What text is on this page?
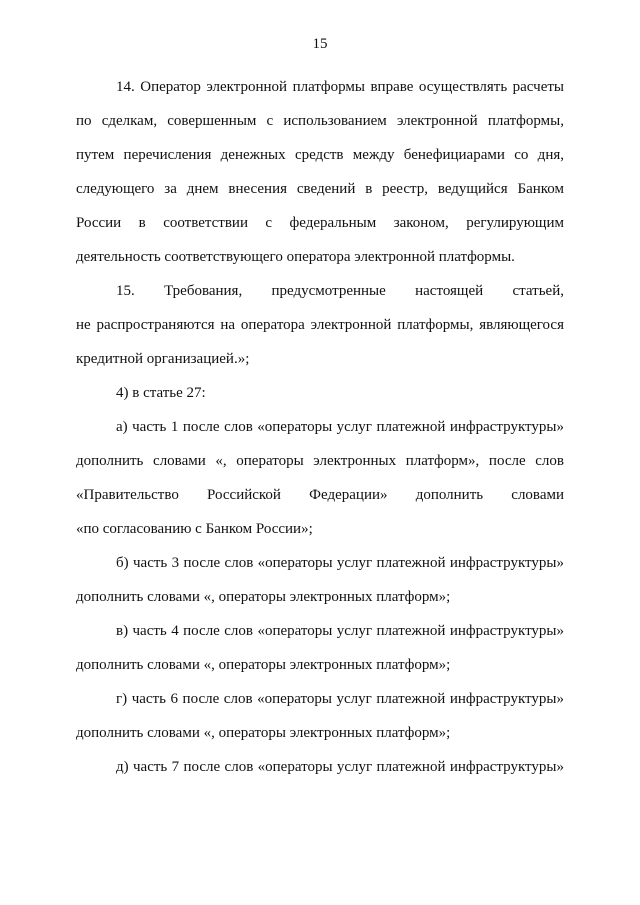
15
14. Оператор электронной платформы вправе осуществлять расчеты
по сделкам, совершенным с использованием электронной платформы,
путем перечисления денежных средств между бенефициарами со дня,
следующего за днем внесения сведений в реестр, ведущийся Банком
России в соответствии с федеральным законом, регулирующим
деятельность соответствующего оператора электронной платформы.
15. Требования, предусмотренные настоящей статьей,
не распространяются на оператора электронной платформы, являющегося
кредитной организацией.»;
4) в статье 27:
а) часть 1 после слов «операторы услуг платежной инфраструктуры»
дополнить словами «, операторы электронных платформ», после слов
«Правительство Российской Федерации» дополнить словами
«по согласованию с Банком России»;
б) часть 3 после слов «операторы услуг платежной инфраструктуры»
дополнить словами «, операторы электронных платформ»;
в) часть 4 после слов «операторы услуг платежной инфраструктуры»
дополнить словами «, операторы электронных платформ»;
г) часть 6 после слов «операторы услуг платежной инфраструктуры»
дополнить словами «, операторы электронных платформ»;
д) часть 7 после слов «операторы услуг платежной инфраструктуры»
